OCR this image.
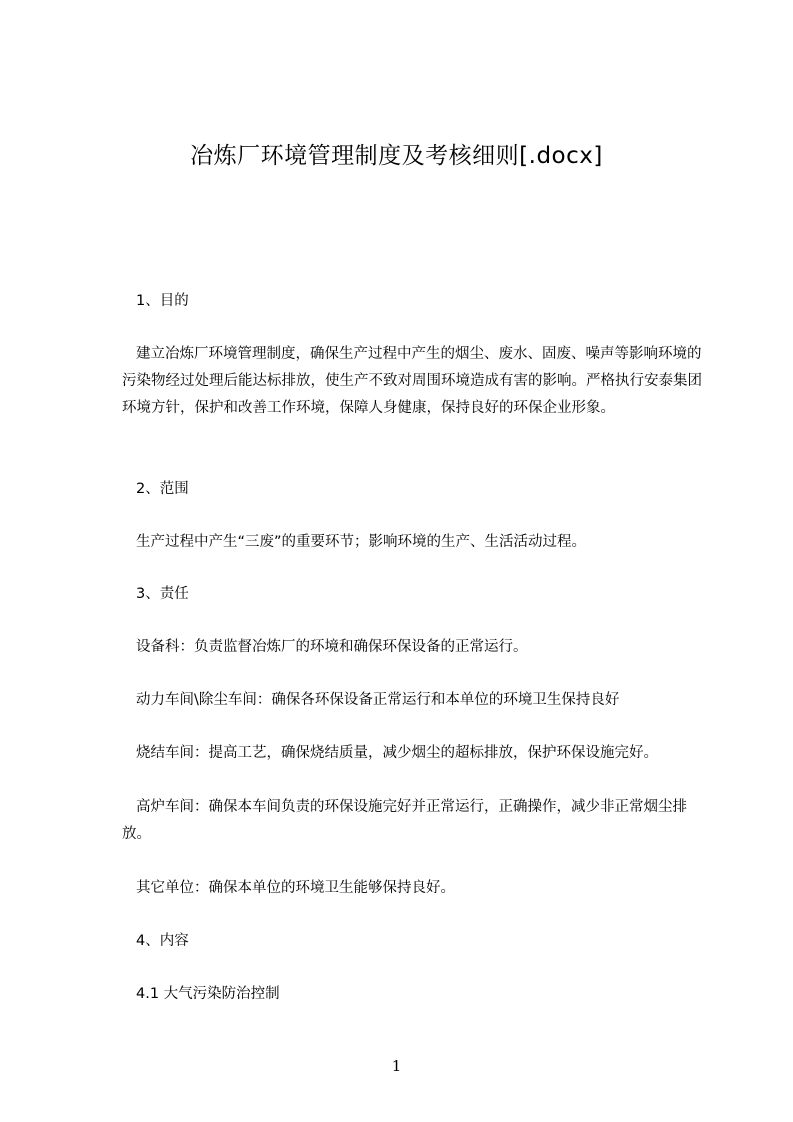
冶炼厂环境管理制度及考核细则[.docx]

1、目的

建立冶炼厂环境管理制度，确保生产过程中产生的烟尘、废水、固废、噪声等影响环境的污染物经过处理后能达标排放，使生产不致对周围环境造成有害的影响。严格执行安泰集团环境方针，保护和改善工作环境，保障人身健康，保持良好的环保企业形象。

2、范围

生产过程中产生“三废”的重要环节；影响环境的生产、生活活动过程。

3、责任

设备科：负责监督冶炼厂的环境和确保环保设备的正常运行。

动力车间\除尘车间：确保各环保设备正常运行和本单位的环境卫生保持良好

烧结车间：提高工艺，确保烧结质量，减少烟尘的超标排放，保护环保设施完好。

高炉车间：确保本车间负责的环保设施完好并正常运行，正确操作，减少非正常烟尘排放。

其它单位：确保本单位的环境卫生能够保持良好。

4、内容

4.1 大气污染防治控制

1
